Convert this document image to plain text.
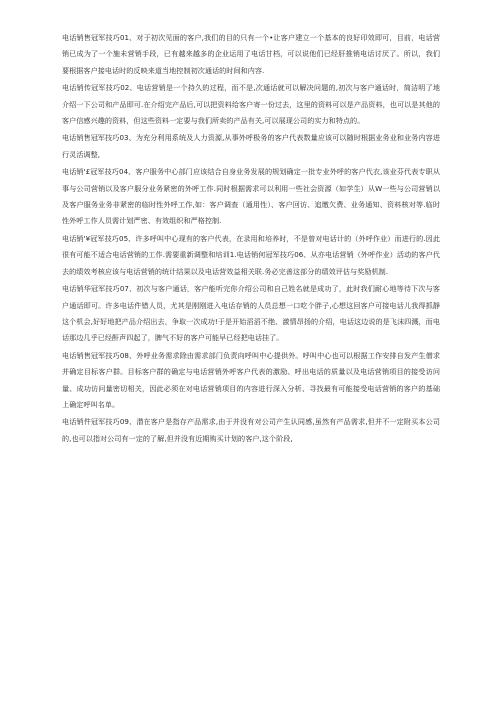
电话销售冠军技巧01、对于初次见面的客户,我们的目的只有一个•让客户建立一个基本的良好印效即可，目前，电话营销已成为了一个施未营销手段，已有越来越多的企业运用了电话甘档，可以说他们已经肝推销电话讨厌了。所以，我们要根据客户接电话时的反映来道当地控制初次通话的时间和内容.

电话销传冠军技巧02、电话营销是一个持久的过程，而不是,次通话就可以解决问题的,初次与客户通话时，简洁明了地介绍一下公司和产品即可.在介绍完产品后,可以把资料给客户寄一份过去，这里的资料可以是产品资料，也可以是其他的客户信感兴趣的资料，但这些资料一定要与我们所卖的产品有关,可以展现公司的实力和特点的。

电话销售冠军技巧03、为充分利用系统及人力资源,从事外呼极务的客户代表数量应该可以随时根据业务业和业务内容进行灵活调整,

电话销'£冠军技巧04、客户服务中心部门应该结合自身业务发展的规划确定一批专业外呼的客户代衣,该业芬代表专职从事与公司营销以及客户服分业务紧密的外呼工作.同时根据需求可以利用一些社会资源（如学生）从W一些与公司营销以及客户服务业务非紧密的临时性外呼工作,如：客户调查（通用性）、客户回访、追缴欠费、业务通知、资料核对等.临时性外呼工作人员需计划严密、有效组织和严格控制.

电话销'¥冠军技巧05、许多呼叫中心现有的客户代表，在录用和培养时，不是曾对电话计的（外呼作业）而进行的.因此很有可能不适合电话营销的工作.需要重新调整和培训1.电话销何冠军技巧06、从亦电话营销（外呼作业）活动的客户代去的绩效考核应该与电话营销的统计结果以及电话营效益相关联.务必完善这部分的绩效评估与奖励机制.

电话销华冠军技巧07、初次与客户通话，客户能听完你介绍公司和自己姓名就是成功了，此时我们耐心地等待下次与客户通话即可。许多电话件错人员，尤其是刚刚进入电话存销的人员总想一口吃个胖子,心想这回客户可接电话儿我得抓靜这个机会,好好地把产品介绍出去，争取一次成功!于是开始滔滔不绝、激情昂扬的介绍，电话这边说的是飞沫四溅，而电话那边几乎已经酐声四起了，脾气不好的客户可能早已经把电话挂了。

电话销售冠军技巧08、外呼业务需求除由需求部门负责向呼叫中心提供外。呼叫中心也可以根据工作安排自发产生僧求并确定目标客户群。目标客户群的确定与电话营销外呼客户代表的激励、呼出电话的质量以及电话营销项目的接受访问量、成功访问量密切相关，因此必须在对电话营销项目的内容进行深入分析、寻找最有可能接受电话营销的客户的基础上确定呼叫名单。

电话销件冠军技巧09、潜在客户是指存产品需求,由于并没有对公司产生认同感,虽然有产品需求,但并不一定附买本公司的,也可以指对公司有一定的了解,但并没有近期购买计划的客户,这个阶段,
